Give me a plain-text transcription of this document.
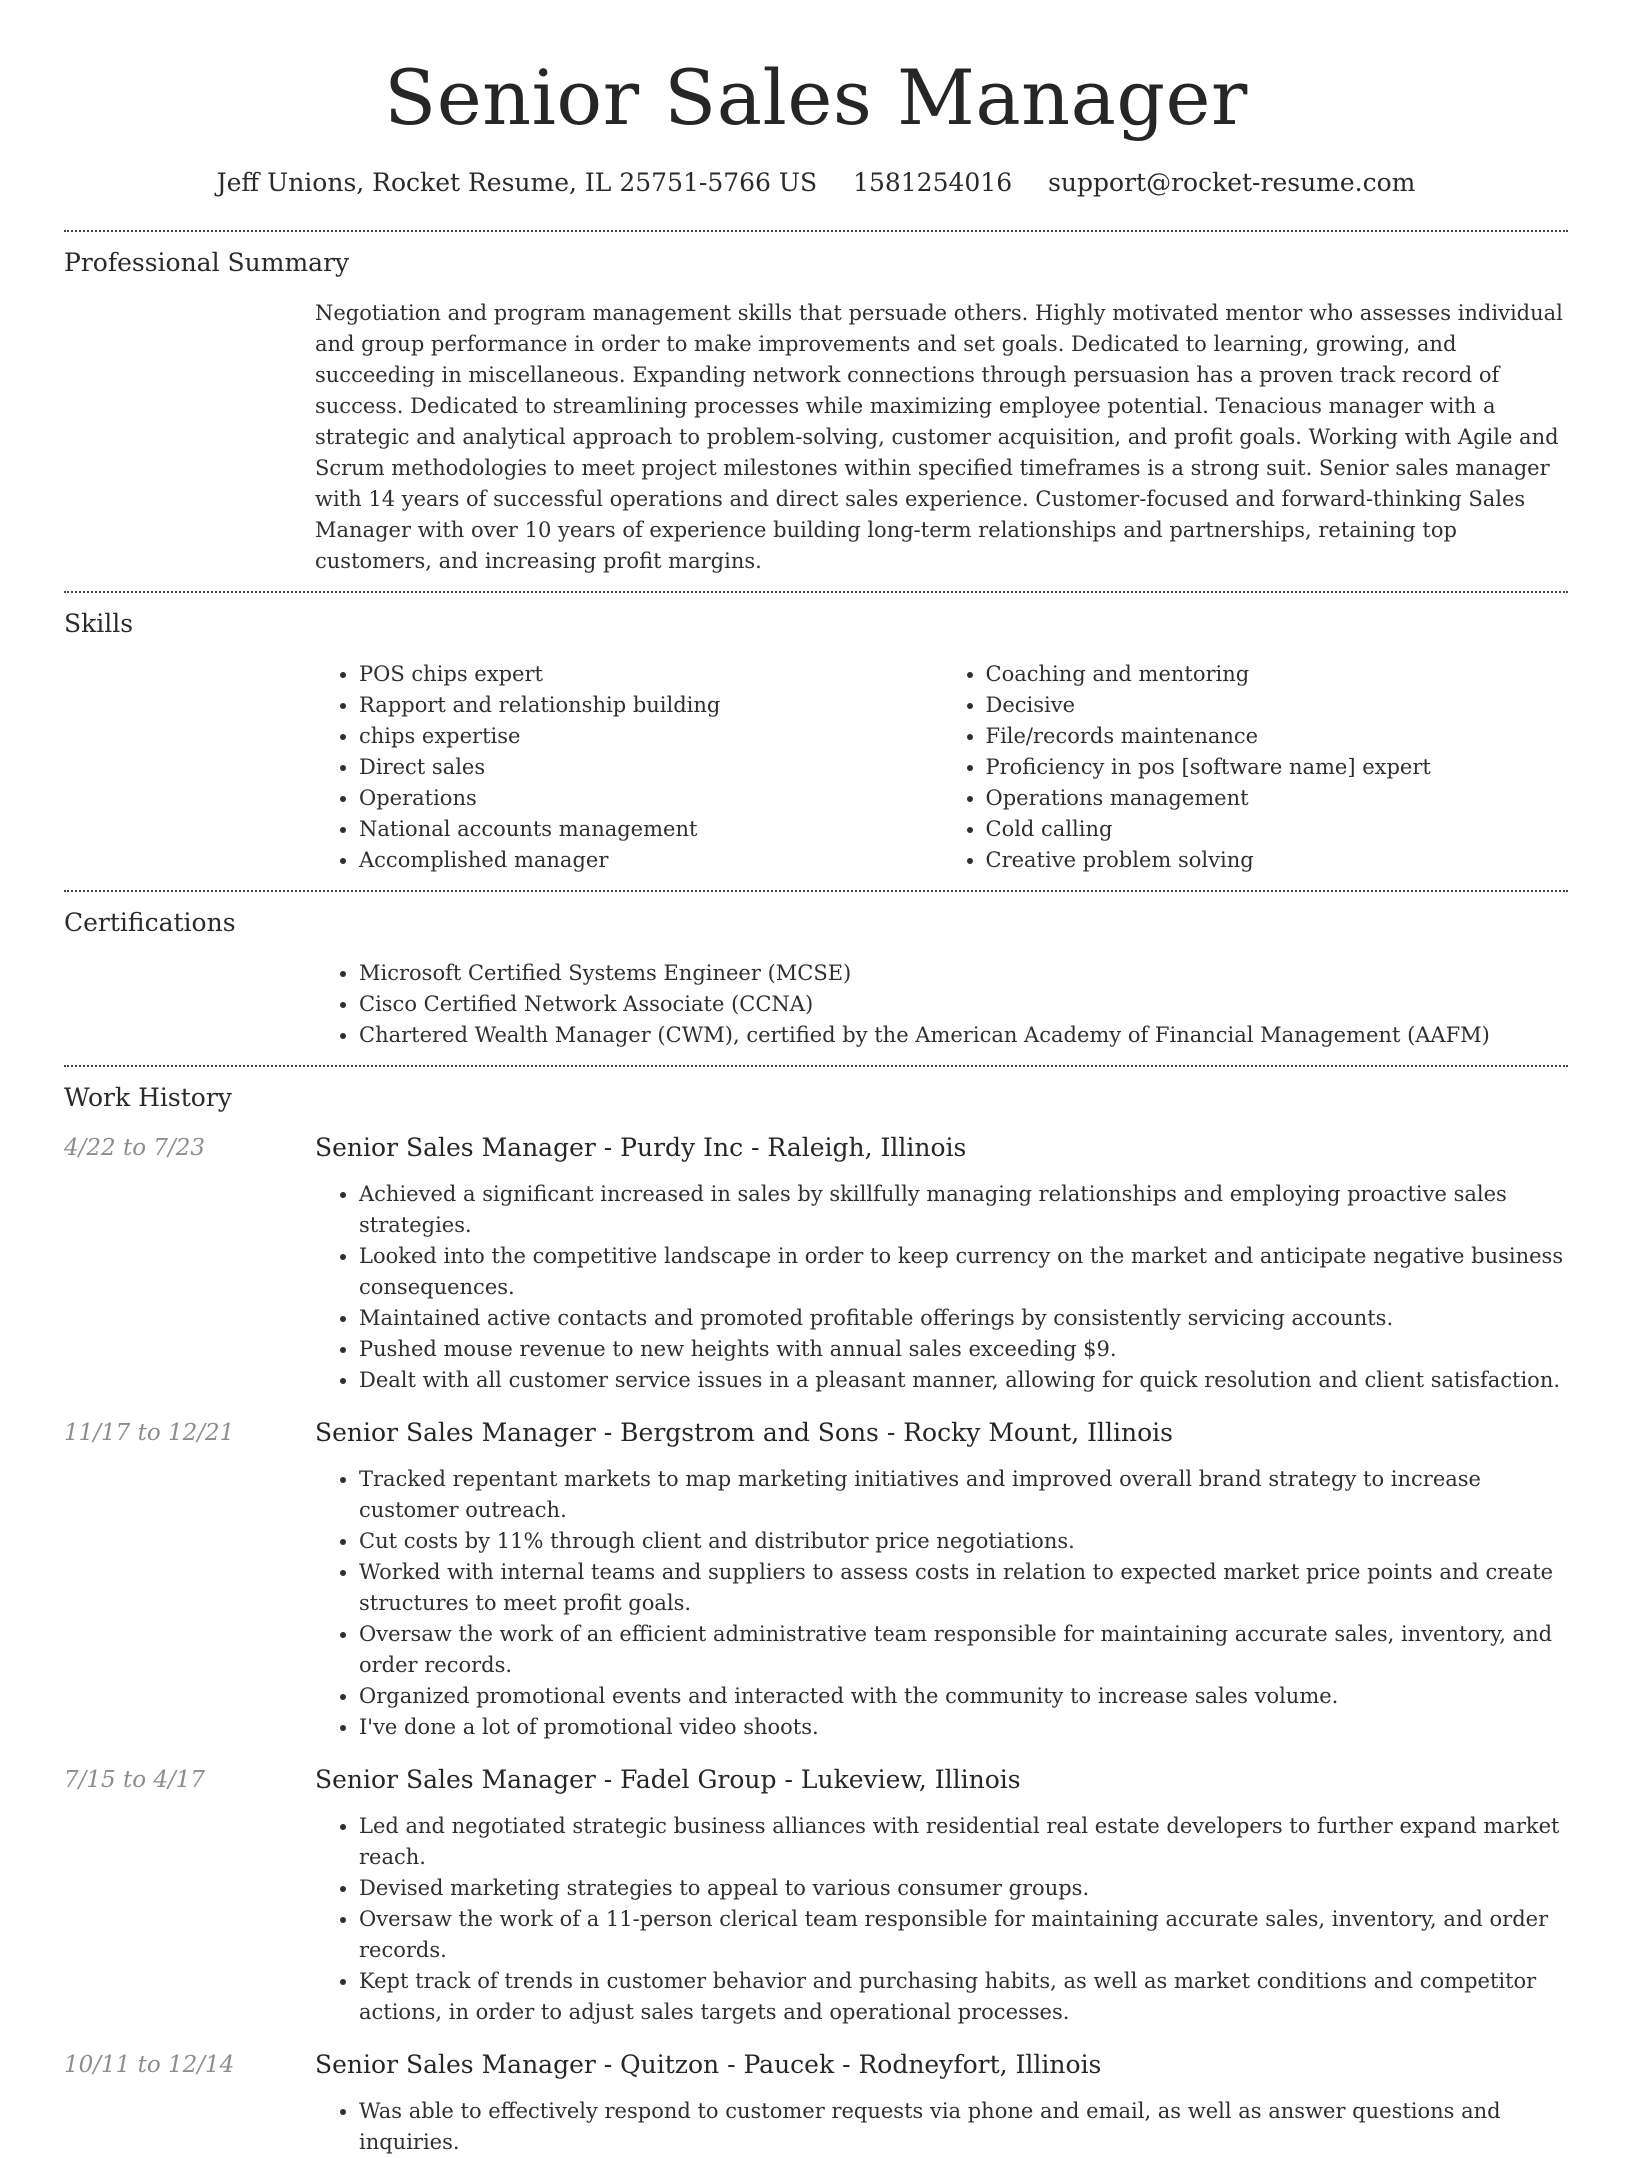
Senior Sales Manager
Jeff Unions, Rocket Resume, IL 25751-5766 US 1581254016 support@rocket-resume.com
Professional Summary

Negotiation and program management skills that persuade others. Highly motivated mentor who assesses individual and group performance in order to make improvements and set goals. Dedicated to learning, growing, and succeeding in miscellaneous. Expanding network connections through persuasion has a proven track record of success. Dedicated to streamlining processes while maximizing employee potential. Tenacious manager with a strategic and analytical approach to problem-solving, customer acquisition, and profit goals. Working with Agile and Scrum methodologies to meet project milestones within specified timeframes is a strong suit. Senior sales manager with 14 years of successful operations and direct sales experience. Customer-focused and forward-thinking Sales Manager with over 10 years of experience building long-term relationships and partnerships, retaining top customers, and increasing profit margins.

Skills
• POS chips expert
• Rapport and relationship building
• chips expertise
• Direct sales
• Operations
• National accounts management
• Accomplished manager
• Coaching and mentoring
• Decisive
• File/records maintenance
• Proficiency in pos [software name] expert
• Operations management
• Cold calling
• Creative problem solving
Certifications
• Microsoft Certified Systems Engineer (MCSE)
• Cisco Certified Network Associate (CCNA)
• Chartered Wealth Manager (CWM), certified by the American Academy of Financial Management (AAFM)
Work History
4/22 to 7/23	Senior Sales Manager - Purdy Inc - Raleigh, Illinois
• Achieved a significant increased in sales by skillfully managing relationships and employing proactive sales strategies.
• Looked into the competitive landscape in order to keep currency on the market and anticipate negative business consequences.
• Maintained active contacts and promoted profitable offerings by consistently servicing accounts.
• Pushed mouse revenue to new heights with annual sales exceeding $9.
• Dealt with all customer service issues in a pleasant manner, allowing for quick resolution and client satisfaction.
11/17 to 12/21	Senior Sales Manager - Bergstrom and Sons - Rocky Mount, Illinois
• Tracked repentant markets to map marketing initiatives and improved overall brand strategy to increase customer outreach.
• Cut costs by 11% through client and distributor price negotiations.
• Worked with internal teams and suppliers to assess costs in relation to expected market price points and create structures to meet profit goals.
• Oversaw the work of an efficient administrative team responsible for maintaining accurate sales, inventory, and order records.
• Organized promotional events and interacted with the community to increase sales volume.
• I've done a lot of promotional video shoots.
7/15 to 4/17	Senior Sales Manager - Fadel Group - Lukeview, Illinois
• Led and negotiated strategic business alliances with residential real estate developers to further expand market reach.
• Devised marketing strategies to appeal to various consumer groups.
• Oversaw the work of a 11-person clerical team responsible for maintaining accurate sales, inventory, and order records.
• Kept track of trends in customer behavior and purchasing habits, as well as market conditions and competitor actions, in order to adjust sales targets and operational processes.
10/11 to 12/14	Senior Sales Manager - Quitzon - Paucek - Rodneyfort, Illinois
• Was able to effectively respond to customer requests via phone and email, as well as answer questions and inquiries.
